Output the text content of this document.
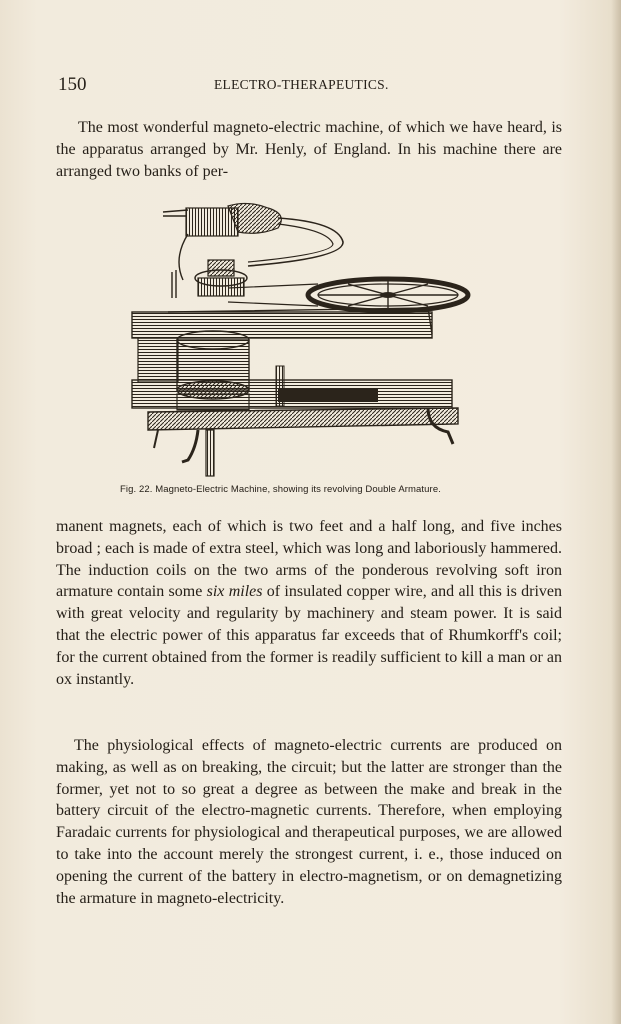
150	ELECTRO-THERAPEUTICS.
The most wonderful magneto-electric machine, of which we have heard, is the apparatus arranged by Mr. Henly, of England. In his machine there are arranged two banks of per-
Fig. 22. Magneto-Electric Machine, showing its revolving Double Armature.
manent magnets, each of which is two feet and a half long, and five inches broad ; each is made of extra steel, which was long and laboriously hammered. The induction coils on the two arms of the ponderous revolving soft iron armature contain some six miles of insulated copper wire, and all this is driven with great velocity and regularity by machinery and steam power. It is said that the electric power of this apparatus far exceeds that of Rhumkorff's coil; for the current obtained from the former is readily sufficient to kill a man or an ox instantly.
The physiological effects of magneto-electric currents are produced on making, as well as on breaking, the circuit; but the latter are stronger than the former, yet not to so great a degree as between the make and break in the battery circuit of the electro-magnetic currents. Therefore, when employing Faradaic currents for physiological and therapeutical purposes, we are allowed to take into the account merely the strongest current, i. e., those induced on opening the current of the battery in electro-magnetism, or on demagnetizing the armature in magneto-electricity.
